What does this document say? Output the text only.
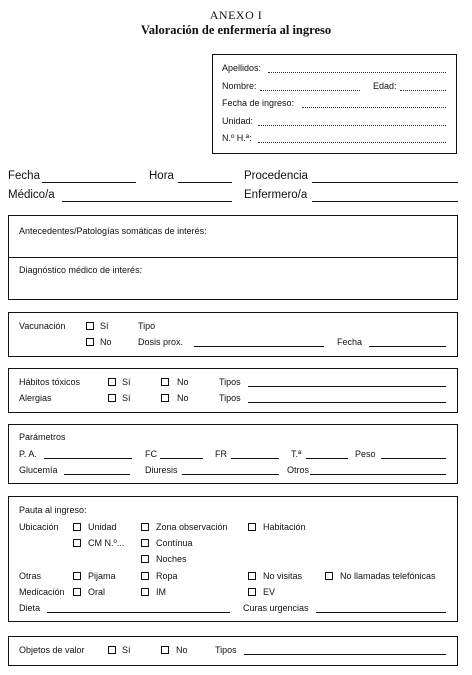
ANEXO I
Valoración de enfermería al ingreso
Apellidos:
Nombre:	Edad:
Fecha de ingreso:
Unidad:
N.º H.ª:
Fecha	Hora	Procedencia
Médico/a	Enfermero/a
Antecedentes/Patologías somáticas de interés:
Diagnóstico médico de interés:
Vacunación	Sí	Tipo
No	Dosis prox.	Fecha
Hábitos tóxicos	Sí	No	Tipos
Alergias	Sí	No	Tipos
Parámetros
P. A.	FC	FR	T.ª	Peso
Glucemía	Diuresis	Otros
Pauta al ingreso:
Ubicación	Unidad	Zona observación	Habitación
CM N.º...	Contínua
Noches
Otras	Pijama	Ropa	No visitas	No llamadas telefónicas
Medicación	Oral	IM	EV
Dieta	Curas urgencias
Objetos de valor	Sí	No	Tipos
